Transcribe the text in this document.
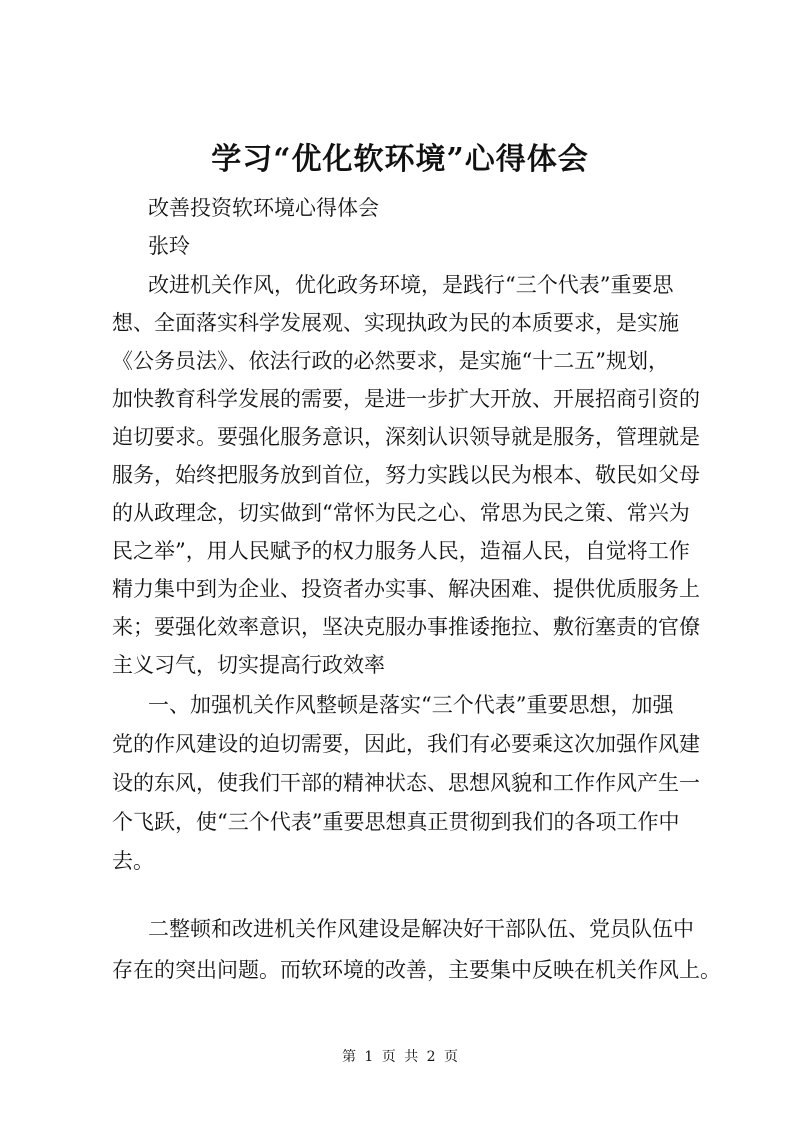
学习“优化软环境”心得体会
改善投资软环境心得体会
张玲
改进机关作风，优化政务环境，是践行“三个代表”重要思
想、全面落实科学发展观、实现执政为民的本质要求，是实施
《公务员法》、依法行政的必然要求，是实施“十二五”规划，
加快教育科学发展的需要，是进一步扩大开放、开展招商引资的
迫切要求。要强化服务意识，深刻认识领导就是服务，管理就是
服务，始终把服务放到首位，努力实践以民为根本、敬民如父母
的从政理念，切实做到“常怀为民之心、常思为民之策、常兴为
民之举”，用人民赋予的权力服务人民，造福人民，自觉将工作
精力集中到为企业、投资者办实事、解决困难、提供优质服务上
来；要强化效率意识，坚决克服办事推诿拖拉、敷衍塞责的官僚
主义习气，切实提高行政效率
一、加强机关作风整顿是落实“三个代表”重要思想，加强
党的作风建设的迫切需要，因此，我们有必要乘这次加强作风建
设的东风，使我们干部的精神状态、思想风貌和工作作风产生一
个飞跃，使“三个代表”重要思想真正贯彻到我们的各项工作中
去。
二整顿和改进机关作风建设是解决好干部队伍、党员队伍中
存在的突出问题。而软环境的改善，主要集中反映在机关作风上。
第 1 页 共 2 页
